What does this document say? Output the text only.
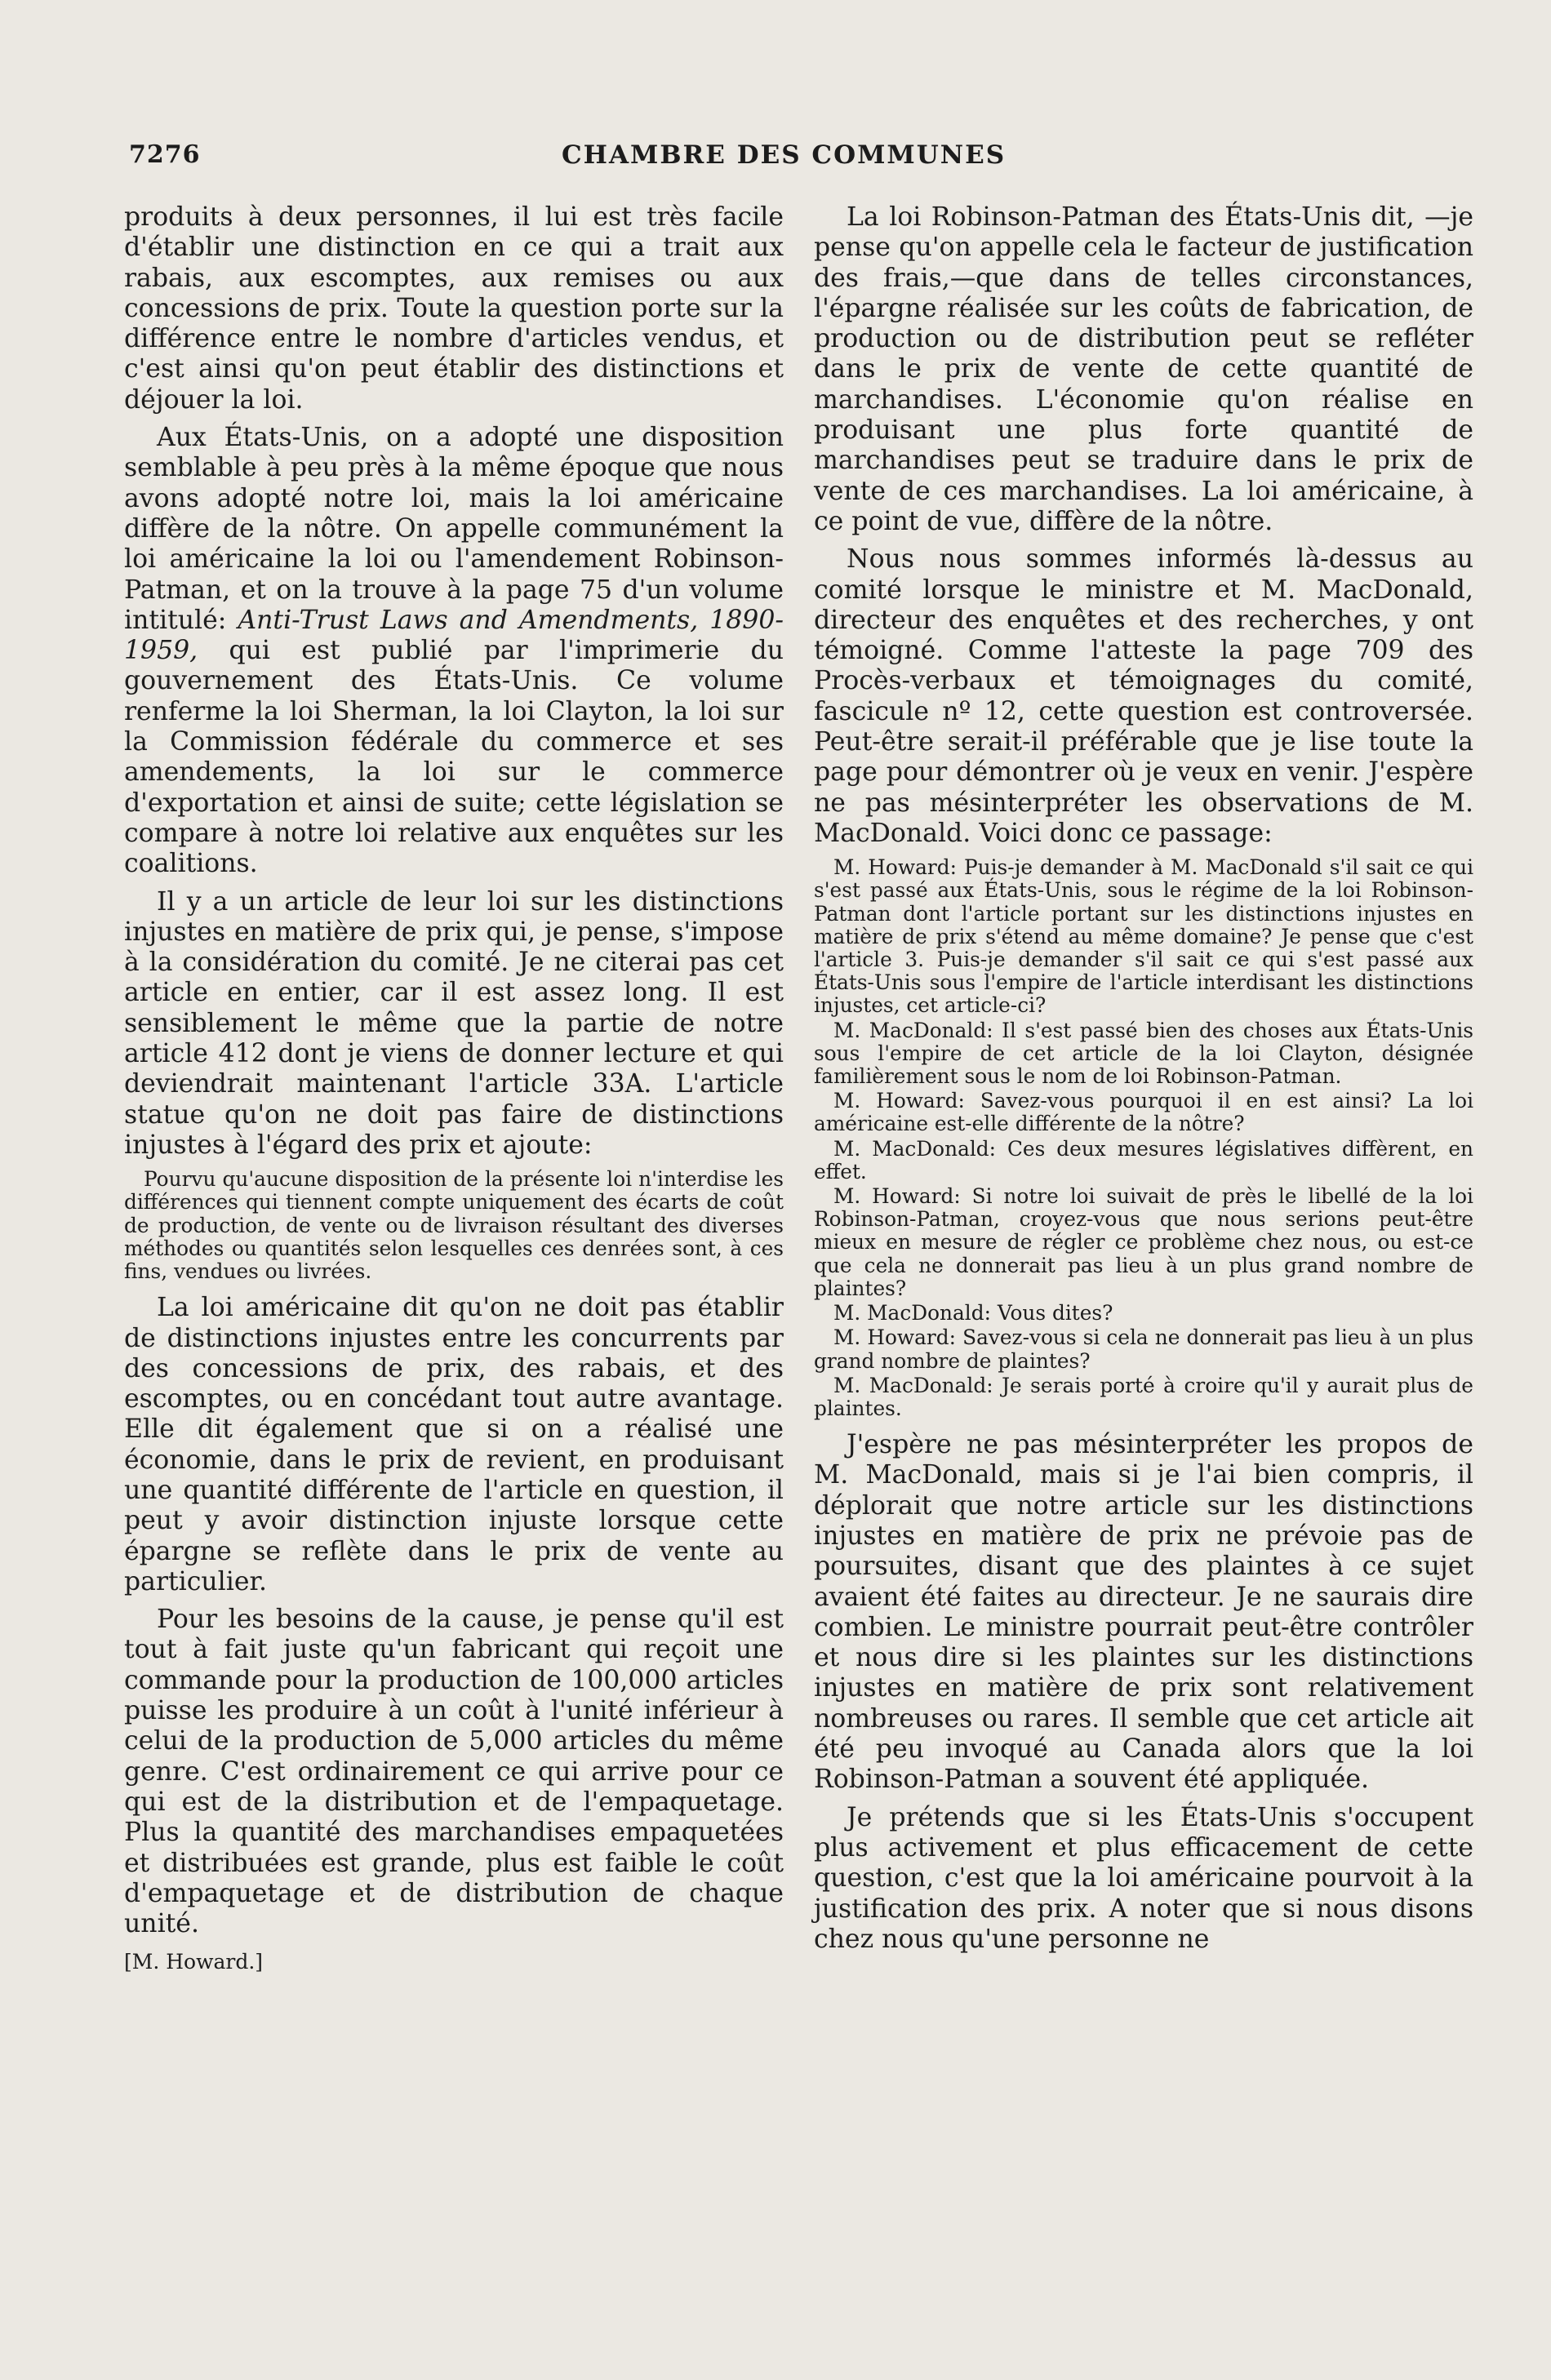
7276	CHAMBRE DES COMMUNES

produits à deux personnes, il lui est très facile d'établir une distinction en ce qui a trait aux rabais, aux escomptes, aux remises ou aux concessions de prix. Toute la question porte sur la différence entre le nombre d'articles vendus, et c'est ainsi qu'on peut établir des distinctions et déjouer la loi.

Aux États-Unis, on a adopté une disposition semblable à peu près à la même époque que nous avons adopté notre loi, mais la loi américaine diffère de la nôtre. On appelle communément la loi américaine la loi ou l'amendement Robinson-Patman, et on la trouve à la page 75 d'un volume intitulé: Anti-Trust Laws and Amendments, 1890-1959, qui est publié par l'imprimerie du gouvernement des États-Unis. Ce volume renferme la loi Sherman, la loi Clayton, la loi sur la Commission fédérale du commerce et ses amendements, la loi sur le commerce d'exportation et ainsi de suite; cette législation se compare à notre loi relative aux enquêtes sur les coalitions.

Il y a un article de leur loi sur les distinctions injustes en matière de prix qui, je pense, s'impose à la considération du comité. Je ne citerai pas cet article en entier, car il est assez long. Il est sensiblement le même que la partie de notre article 412 dont je viens de donner lecture et qui deviendrait maintenant l'article 33A. L'article statue qu'on ne doit pas faire de distinctions injustes à l'égard des prix et ajoute:

Pourvu qu'aucune disposition de la présente loi n'interdise les différences qui tiennent compte uniquement des écarts de coût de production, de vente ou de livraison résultant des diverses méthodes ou quantités selon lesquelles ces denrées sont, à ces fins, vendues ou livrées.

La loi américaine dit qu'on ne doit pas établir de distinctions injustes entre les concurrents par des concessions de prix, des rabais, et des escomptes, ou en concédant tout autre avantage. Elle dit également que si on a réalisé une économie, dans le prix de revient, en produisant une quantité différente de l'article en question, il peut y avoir distinction injuste lorsque cette épargne se reflète dans le prix de vente au particulier.

Pour les besoins de la cause, je pense qu'il est tout à fait juste qu'un fabricant qui reçoit une commande pour la production de 100,000 articles puisse les produire à un coût à l'unité inférieur à celui de la production de 5,000 articles du même genre. C'est ordinairement ce qui arrive pour ce qui est de la distribution et de l'empaquetage. Plus la quantité des marchandises empaquetées et distribuées est grande, plus est faible le coût d'empaquetage et de distribution de chaque unité.

[M. Howard.]

La loi Robinson-Patman des États-Unis dit, —je pense qu'on appelle cela le facteur de justification des frais,—que dans de telles circonstances, l'épargne réalisée sur les coûts de fabrication, de production ou de distribution peut se refléter dans le prix de vente de cette quantité de marchandises. L'économie qu'on réalise en produisant une plus forte quantité de marchandises peut se traduire dans le prix de vente de ces marchandises. La loi américaine, à ce point de vue, diffère de la nôtre.

Nous nous sommes informés là-dessus au comité lorsque le ministre et M. MacDonald, directeur des enquêtes et des recherches, y ont témoigné. Comme l'atteste la page 709 des Procès-verbaux et témoignages du comité, fascicule nº 12, cette question est controversée. Peut-être serait-il préférable que je lise toute la page pour démontrer où je veux en venir. J'espère ne pas mésinterpréter les observations de M. MacDonald. Voici donc ce passage:

M. Howard: Puis-je demander à M. MacDonald s'il sait ce qui s'est passé aux États-Unis, sous le régime de la loi Robinson-Patman dont l'article portant sur les distinctions injustes en matière de prix s'étend au même domaine? Je pense que c'est l'article 3. Puis-je demander s'il sait ce qui s'est passé aux États-Unis sous l'empire de l'article interdisant les distinctions injustes, cet article-ci?

M. MacDonald: Il s'est passé bien des choses aux États-Unis sous l'empire de cet article de la loi Clayton, désignée familièrement sous le nom de loi Robinson-Patman.

M. Howard: Savez-vous pourquoi il en est ainsi? La loi américaine est-elle différente de la nôtre?

M. MacDonald: Ces deux mesures législatives diffèrent, en effet.

M. Howard: Si notre loi suivait de près le libellé de la loi Robinson-Patman, croyez-vous que nous serions peut-être mieux en mesure de régler ce problème chez nous, ou est-ce que cela ne donnerait pas lieu à un plus grand nombre de plaintes?

M. MacDonald: Vous dites?

M. Howard: Savez-vous si cela ne donnerait pas lieu à un plus grand nombre de plaintes?

M. MacDonald: Je serais porté à croire qu'il y aurait plus de plaintes.

J'espère ne pas mésinterpréter les propos de M. MacDonald, mais si je l'ai bien compris, il déplorait que notre article sur les distinctions injustes en matière de prix ne prévoie pas de poursuites, disant que des plaintes à ce sujet avaient été faites au directeur. Je ne saurais dire combien. Le ministre pourrait peut-être contrôler et nous dire si les plaintes sur les distinctions injustes en matière de prix sont relativement nombreuses ou rares. Il semble que cet article ait été peu invoqué au Canada alors que la loi Robinson-Patman a souvent été appliquée.

Je prétends que si les États-Unis s'occupent plus activement et plus efficacement de cette question, c'est que la loi américaine pourvoit à la justification des prix. A noter que si nous disons chez nous qu'une personne ne
